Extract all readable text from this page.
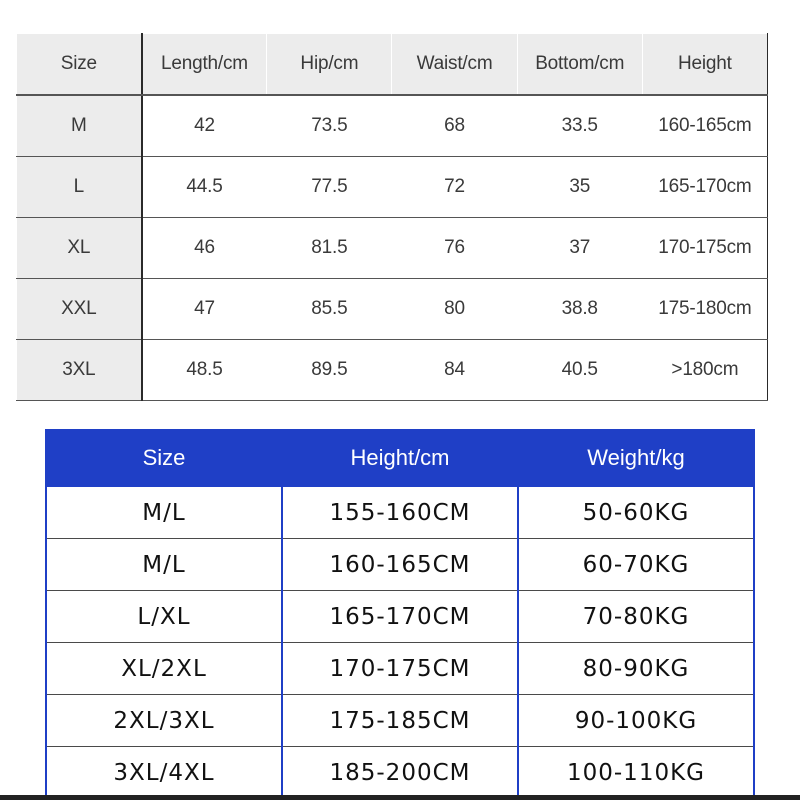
Size	Length/cm	Hip/cm	Waist/cm	Bottom/cm	Height
M	42	73.5	68	33.5	160-165cm
L	44.5	77.5	72	35	165-170cm
XL	46	81.5	76	37	170-175cm
XXL	47	85.5	80	38.8	175-180cm
3XL	48.5	89.5	84	40.5	>180cm
Size	Height/cm	Weight/kg
M/L	155-160CM	50-60KG
M/L	160-165CM	60-70KG
L/XL	165-170CM	70-80KG
XL/2XL	170-175CM	80-90KG
2XL/3XL	175-185CM	90-100KG
3XL/4XL	185-200CM	100-110KG
